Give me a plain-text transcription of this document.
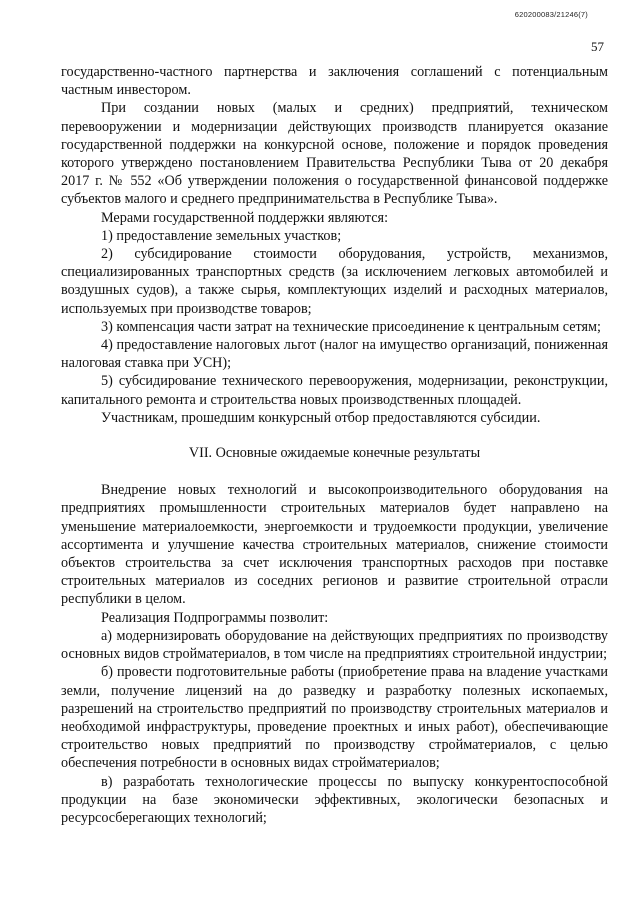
620200083/21246(7)
57

государственно-частного партнерства и заключения соглашений с потенциальным частным инвестором.

При создании новых (малых и средних) предприятий, техническом перевооружении и модернизации действующих производств планируется оказание государственной поддержки на конкурсной основе, положение и порядок проведения которого утверждено постановлением Правительства Республики Тыва от 20 декабря 2017 г. № 552 «Об утверждении положения о государственной финансовой поддержке субъектов малого и среднего предпринимательства в Республике Тыва».

Мерами государственной поддержки являются:

1) предоставление земельных участков;

2) субсидирование стоимости оборудования, устройств, механизмов, специализированных транспортных средств (за исключением легковых автомобилей и воздушных судов), а также сырья, комплектующих изделий и расходных материалов, используемых при производстве товаров;

3) компенсация части затрат на технические присоединение к центральным сетям;

4) предоставление налоговых льгот (налог на имущество организаций, пониженная налоговая ставка при УСН);

5) субсидирование технического перевооружения, модернизации, реконструкции, капитального ремонта и строительства новых производственных площадей.

Участникам, прошедшим конкурсный отбор предоставляются субсидии.

VII. Основные ожидаемые конечные результаты

Внедрение новых технологий и высокопроизводительного оборудования на предприятиях промышленности строительных материалов будет направлено на уменьшение материалоемкости, энергоемкости и трудоемкости продукции, увеличение ассортимента и улучшение качества строительных материалов, снижение стоимости объектов строительства за счет исключения транспортных расходов при поставке строительных материалов из соседних регионов и развитие строительной отрасли республики в целом.

Реализация Подпрограммы позволит:

а) модернизировать оборудование на действующих предприятиях по производству основных видов стройматериалов, в том числе на предприятиях строительной индустрии;

б) провести подготовительные работы (приобретение права на владение участками земли, получение лицензий на до разведку и разработку полезных ископаемых, разрешений на строительство предприятий по производству строительных материалов и необходимой инфраструктуры, проведение проектных и иных работ), обеспечивающие строительство новых предприятий по производству стройматериалов, с целью обеспечения потребности в основных видах стройматериалов;

в) разработать технологические процессы по выпуску конкурентоспособной продукции на базе экономически эффективных, экологически безопасных и ресурсосберегающих технологий;
